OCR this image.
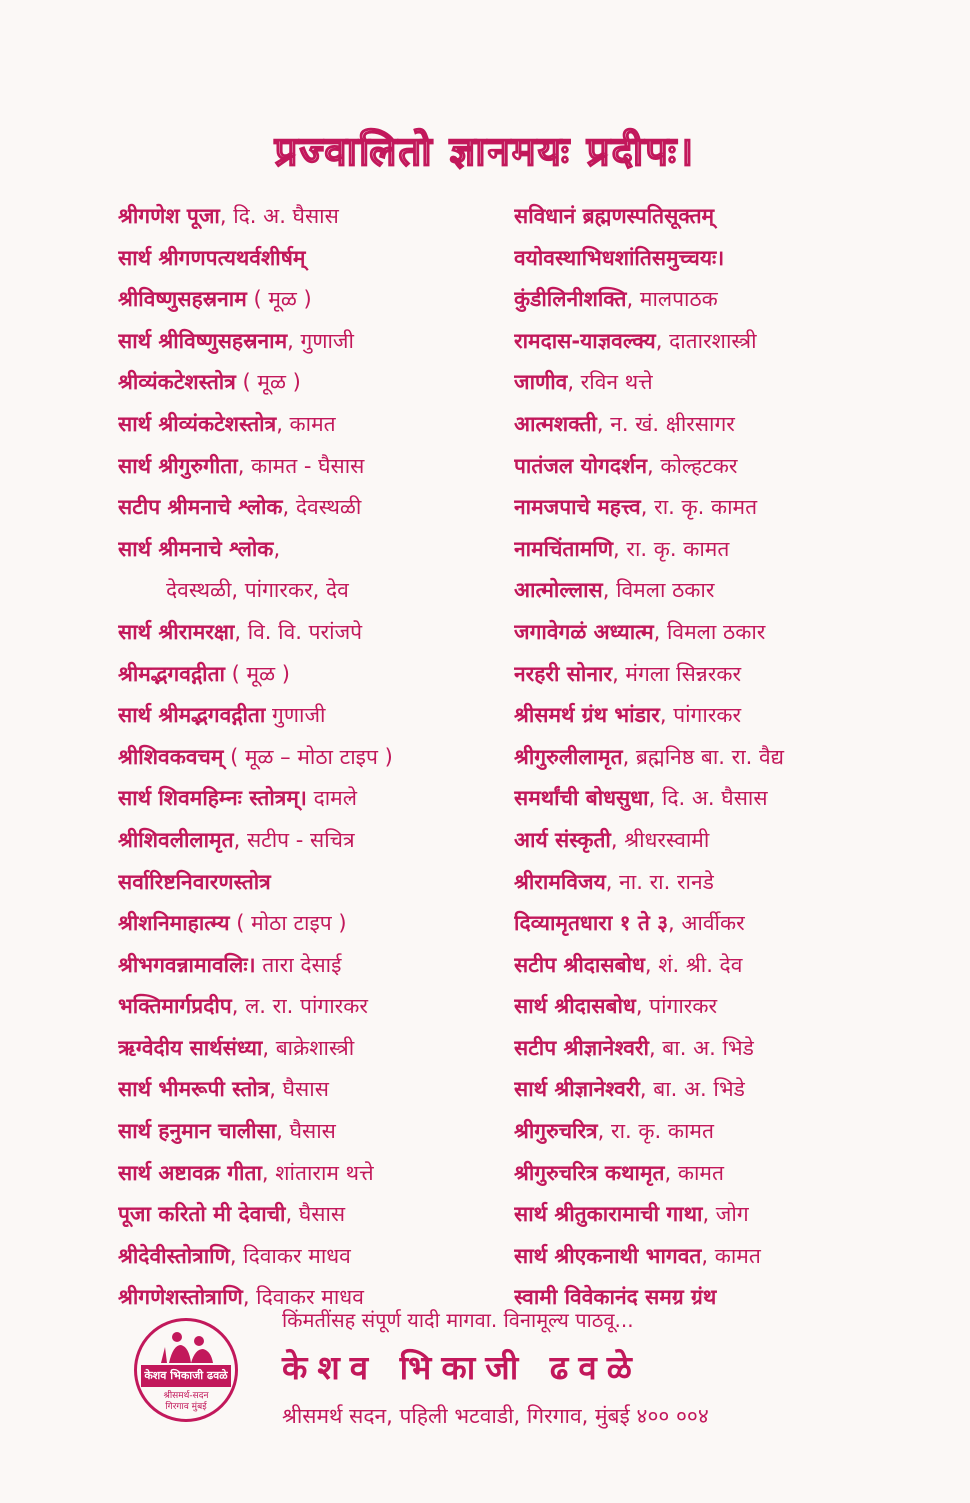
प्रज्वालितो ज्ञानमयः प्रदीपः।
श्रीगणेश पूजा, दि. अ. घैसास
सार्थ श्रीगणपत्यथर्वशीर्षम्
श्रीविष्णुसहस्रनाम ( मूळ )
सार्थ श्रीविष्णुसहस्रनाम, गुणाजी
श्रीव्यंकटेशस्तोत्र ( मूळ )
सार्थ श्रीव्यंकटेशस्तोत्र, कामत
सार्थ श्रीगुरुगीता, कामत - घैसास
सटीप श्रीमनाचे श्लोक, देवस्थळी
सार्थ श्रीमनाचे श्लोक,
देवस्थळी, पांगारकर, देव
सार्थ श्रीरामरक्षा, वि. वि. परांजपे
श्रीमद्भगवद्गीता ( मूळ )
सार्थ श्रीमद्भगवद्गीता गुणाजी
श्रीशिवकवचम् ( मूळ – मोठा टाइप )
सार्थ शिवमहिम्नः स्तोत्रम्। दामले
श्रीशिवलीलामृत, सटीप - सचित्र
सर्वारिष्टनिवारणस्तोत्र
श्रीशनिमाहात्म्य ( मोठा टाइप )
श्रीभगवन्नामावलिः। तारा देसाई
भक्तिमार्गप्रदीप, ल. रा. पांगारकर
ऋग्वेदीय सार्थसंध्या, बाक्रेशास्त्री
सार्थ भीमरूपी स्तोत्र, घैसास
सार्थ हनुमान चालीसा, घैसास
सार्थ अष्टावक्र गीता, शांताराम थत्ते
पूजा करितो मी देवाची, घैसास
श्रीदेवीस्तोत्राणि, दिवाकर माधव
श्रीगणेशस्तोत्राणि, दिवाकर माधव
सविधानं ब्रह्मणस्पतिसूक्तम्
वयोवस्थाभिधशांतिसमुच्चयः।
कुंडीलिनीशक्ति, मालपाठक
रामदास-याज्ञवल्क्य, दातारशास्त्री
जाणीव, रविन थत्ते
आत्मशक्ती, न. खं. क्षीरसागर
पातंजल योगदर्शन, कोल्हटकर
नामजपाचे महत्त्व, रा. कृ. कामत
नामचिंतामणि, रा. कृ. कामत
आत्मोल्लास, विमला ठकार
जगावेगळं अध्यात्म, विमला ठकार
नरहरी सोनार, मंगला सिन्नरकर
श्रीसमर्थ ग्रंथ भांडार, पांगारकर
श्रीगुरुलीलामृत, ब्रह्मनिष्ठ बा. रा. वैद्य
समर्थांची बोधसुधा, दि. अ. घैसास
आर्य संस्कृती, श्रीधरस्वामी
श्रीरामविजय, ना. रा. रानडे
दिव्यामृतधारा १ ते ३, आर्वीकर
सटीप श्रीदासबोध, शं. श्री. देव
सार्थ श्रीदासबोध, पांगारकर
सटीप श्रीज्ञानेश्वरी, बा. अ. भिडे
सार्थ श्रीज्ञानेश्वरी, बा. अ. भिडे
श्रीगुरुचरित्र, रा. कृ. कामत
श्रीगुरुचरित्र कथामृत, कामत
सार्थ श्रीतुकारामाची गाथा, जोग
सार्थ श्रीएकनाथी भागवत, कामत
स्वामी विवेकानंद समग्र ग्रंथ
किंमतींसह संपूर्ण यादी मागवा. विनामूल्य पाठवू...
केशव भिकाजी ढवळे
श्रीसमर्थ-सदन
गिरगाव मुंबई
केशव भिकाजी ढवळे
श्रीसमर्थ सदन, पहिली भटवाडी, गिरगाव, मुंबई ४०० ००४
